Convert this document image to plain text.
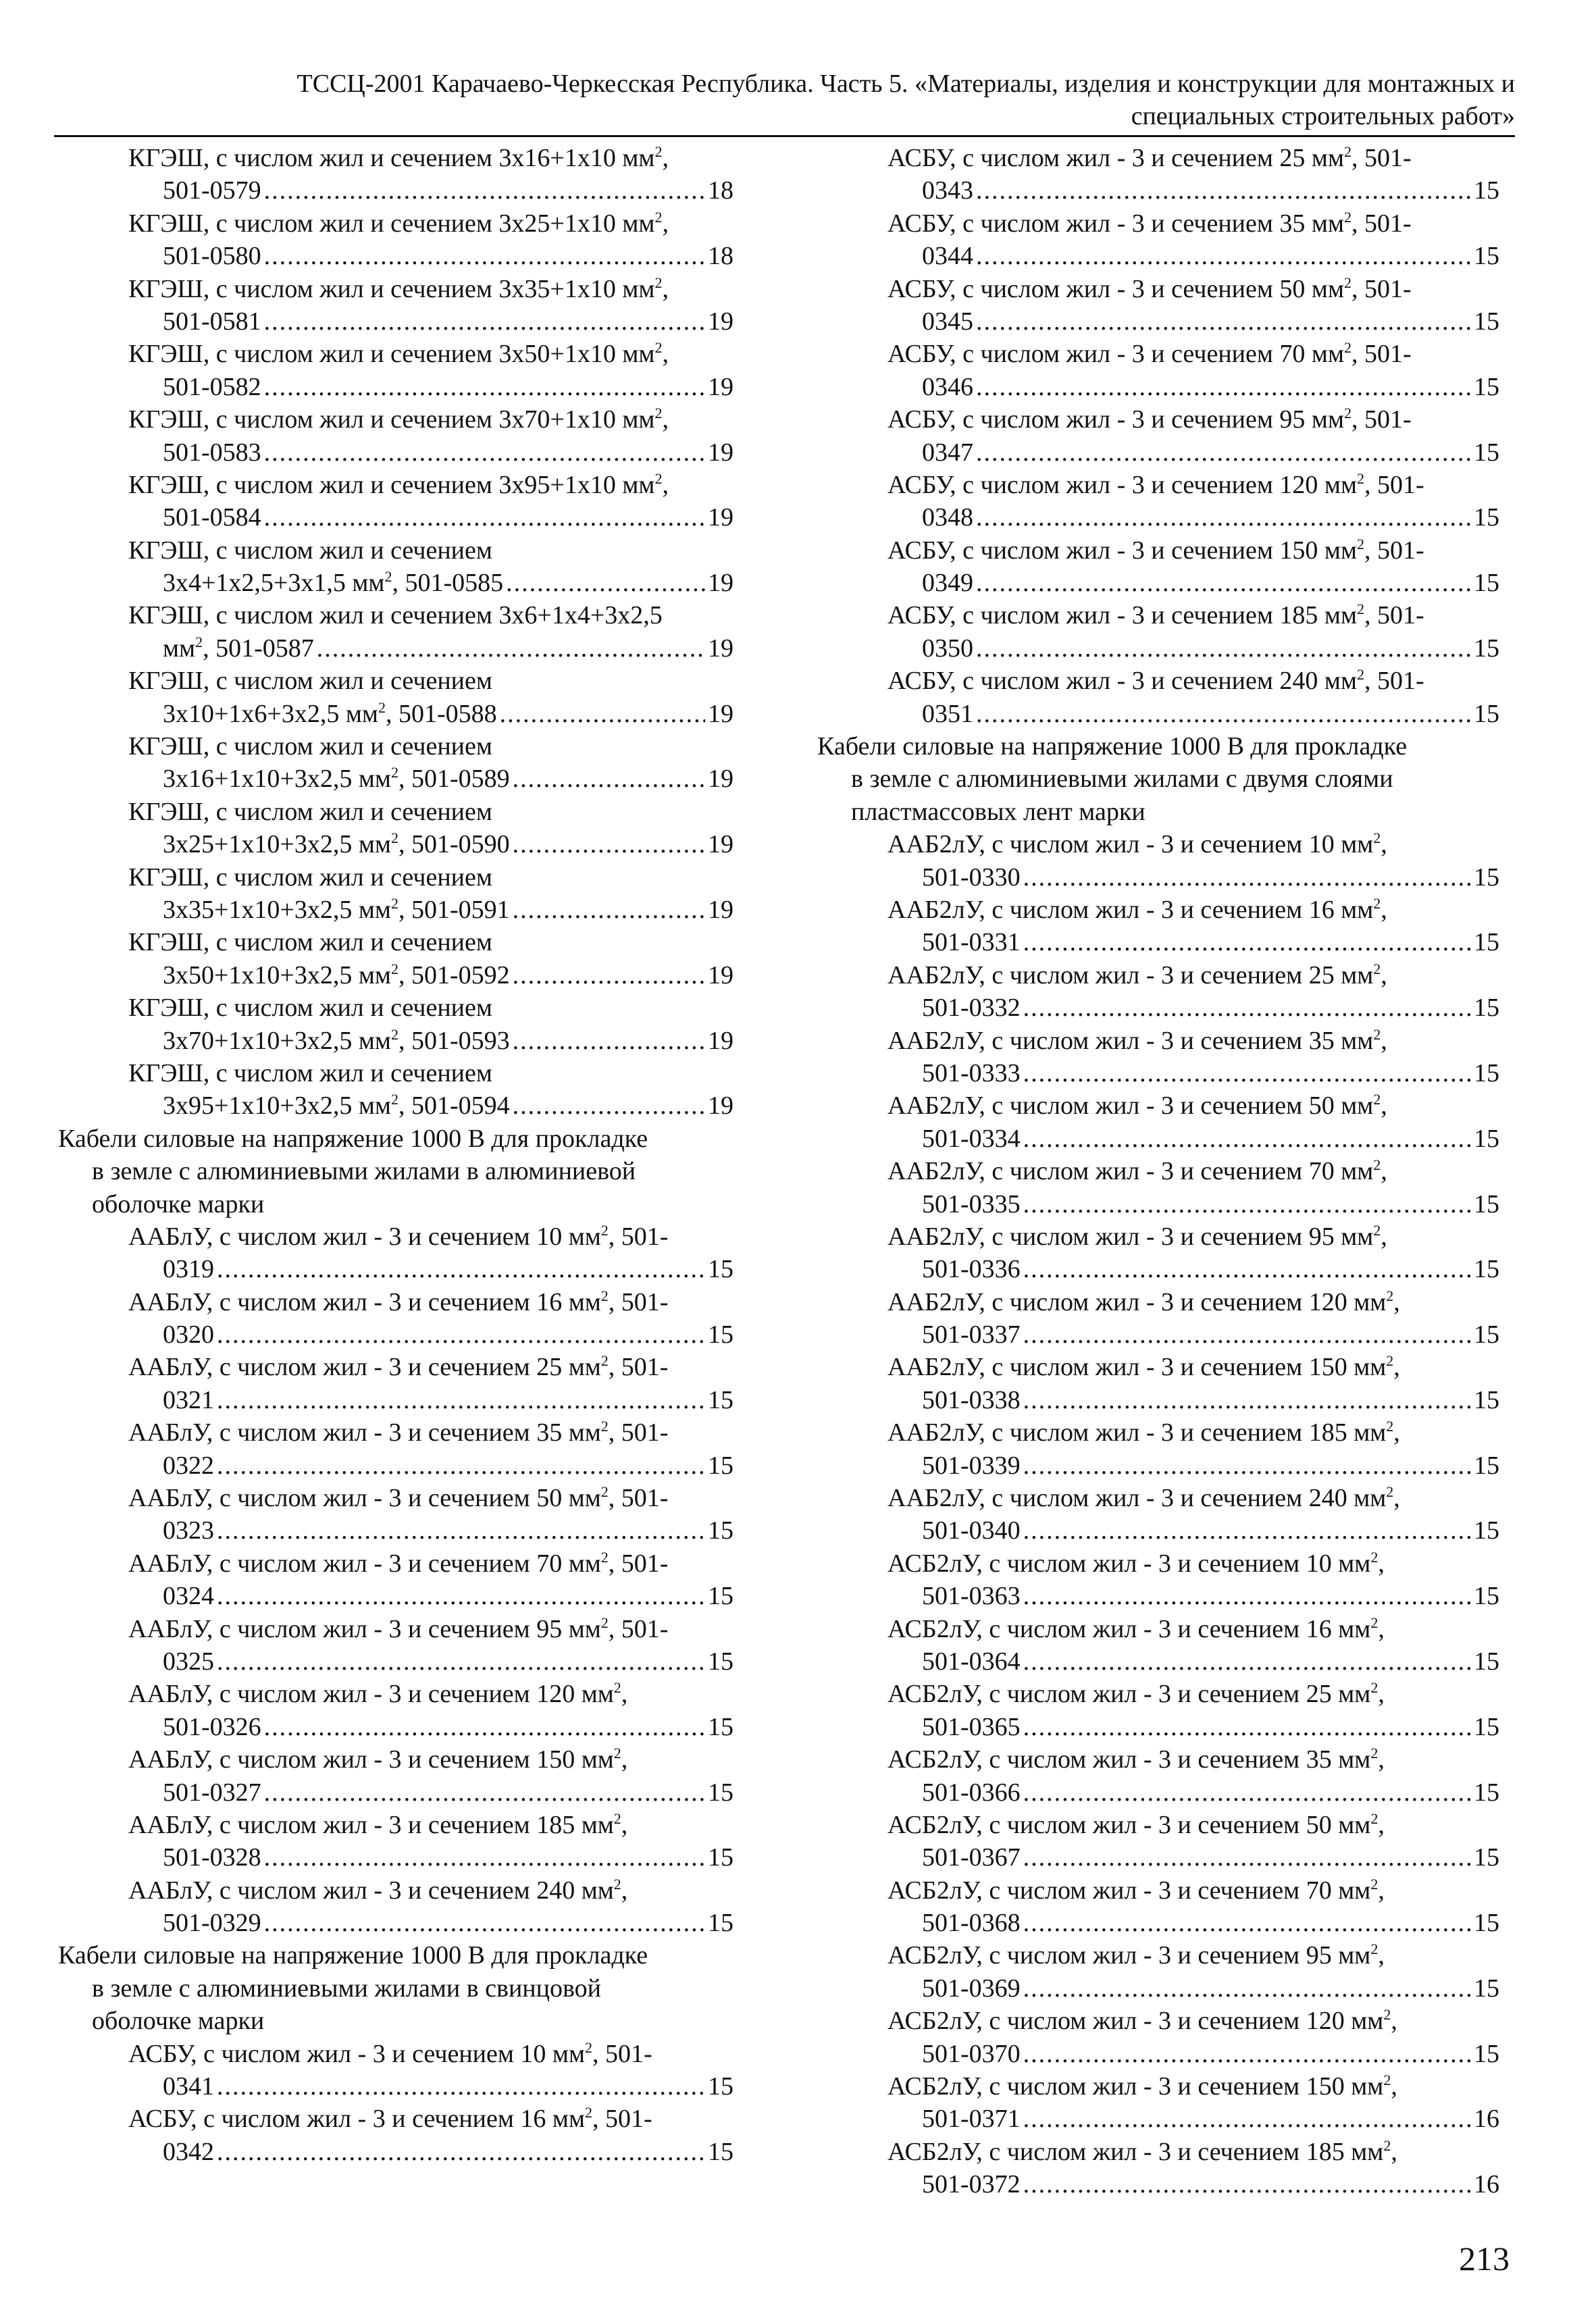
ТССЦ-2001 Карачаево-Черкесская Республика. Часть 5. «Материалы, изделия и конструкции для монтажных и
специальных строительных работ»
КГЭШ, с числом жил и сечением 3х16+1х10 $мм^2$,
501-0579 .....	18
КГЭШ, с числом жил и сечением 3х25+1х10 $мм^2$,
501-0580 .....	18
КГЭШ, с числом жил и сечением 3х35+1х10 $мм^2$,
501-0581 .....	19
КГЭШ, с числом жил и сечением 3х50+1х10 $мм^2$,
501-0582 .....	19
КГЭШ, с числом жил и сечением 3х70+1х10 $мм^2$,
501-0583 .....	19
КГЭШ, с числом жил и сечением 3х95+1х10 $мм^2$,
501-0584 .....	19
КГЭШ, с числом жил и сечением
3х4+1х2,5+3х1,5 $мм^2$, 501-0585 .....	19
КГЭШ, с числом жил и сечением 3х6+1х4+3х2,5
$мм^2$, 501-0587 .....	19
КГЭШ, с числом жил и сечением
3х10+1х6+3х2,5 $мм^2$, 501-0588 .....	19
КГЭШ, с числом жил и сечением
3х16+1х10+3х2,5 $мм^2$, 501-0589 .....	19
КГЭШ, с числом жил и сечением
3х25+1х10+3х2,5 $мм^2$, 501-0590 .....	19
КГЭШ, с числом жил и сечением
3х35+1х10+3х2,5 $мм^2$, 501-0591 .....	19
КГЭШ, с числом жил и сечением
3х50+1х10+3х2,5 $мм^2$, 501-0592 .....	19
КГЭШ, с числом жил и сечением
3х70+1х10+3х2,5 $мм^2$, 501-0593 .....	19
КГЭШ, с числом жил и сечением
3х95+1х10+3х2,5 $мм^2$, 501-0594 .....	19
Кабели силовые на напряжение 1000 В для прокладке
в земле с алюминиевыми жилами в алюминиевой
оболочке марки
ААБлУ, с числом жил - 3 и сечением 10 $мм^2$, 501-
0319 .....	15
ААБлУ, с числом жил - 3 и сечением 16 $мм^2$, 501-
0320 .....	15
ААБлУ, с числом жил - 3 и сечением 25 $мм^2$, 501-
0321 .....	15
ААБлУ, с числом жил - 3 и сечением 35 $мм^2$, 501-
0322 .....	15
ААБлУ, с числом жил - 3 и сечением 50 $мм^2$, 501-
0323 .....	15
ААБлУ, с числом жил - 3 и сечением 70 $мм^2$, 501-
0324 .....	15
ААБлУ, с числом жил - 3 и сечением 95 $мм^2$, 501-
0325 .....	15
ААБлУ, с числом жил - 3 и сечением 120 $мм^2$,
501-0326 .....	15
ААБлУ, с числом жил - 3 и сечением 150 $мм^2$,
501-0327 .....	15
ААБлУ, с числом жил - 3 и сечением 185 $мм^2$,
501-0328 .....	15
ААБлУ, с числом жил - 3 и сечением 240 $мм^2$,
501-0329 .....	15
Кабели силовые на напряжение 1000 В для прокладке
в земле с алюминиевыми жилами в свинцовой
оболочке марки
АСБУ, с числом жил - 3 и сечением 10 $мм^2$, 501-
0341 .....	15
АСБУ, с числом жил - 3 и сечением 16 $мм^2$, 501-
0342 .....	15
АСБУ, с числом жил - 3 и сечением 25 $мм^2$, 501-
0343 .....	15
АСБУ, с числом жил - 3 и сечением 35 $мм^2$, 501-
0344 .....	15
АСБУ, с числом жил - 3 и сечением 50 $мм^2$, 501-
0345 .....	15
АСБУ, с числом жил - 3 и сечением 70 $мм^2$, 501-
0346 .....	15
АСБУ, с числом жил - 3 и сечением 95 $мм^2$, 501-
0347 .....	15
АСБУ, с числом жил - 3 и сечением 120 $мм^2$, 501-
0348 .....	15
АСБУ, с числом жил - 3 и сечением 150 $мм^2$, 501-
0349 .....	15
АСБУ, с числом жил - 3 и сечением 185 $мм^2$, 501-
0350 .....	15
АСБУ, с числом жил - 3 и сечением 240 $мм^2$, 501-
0351 .....	15
Кабели силовые на напряжение 1000 В для прокладке
в земле с алюминиевыми жилами с двумя слоями
пластмассовых лент марки
ААБ2лУ, с числом жил - 3 и сечением 10 $мм^2$,
501-0330 .....	15
ААБ2лУ, с числом жил - 3 и сечением 16 $мм^2$,
501-0331 .....	15
ААБ2лУ, с числом жил - 3 и сечением 25 $мм^2$,
501-0332 .....	15
ААБ2лУ, с числом жил - 3 и сечением 35 $мм^2$,
501-0333 .....	15
ААБ2лУ, с числом жил - 3 и сечением 50 $мм^2$,
501-0334 .....	15
ААБ2лУ, с числом жил - 3 и сечением 70 $мм^2$,
501-0335 .....	15
ААБ2лУ, с числом жил - 3 и сечением 95 $мм^2$,
501-0336 .....	15
ААБ2лУ, с числом жил - 3 и сечением 120 $мм^2$,
501-0337 .....	15
ААБ2лУ, с числом жил - 3 и сечением 150 $мм^2$,
501-0338 .....	15
ААБ2лУ, с числом жил - 3 и сечением 185 $мм^2$,
501-0339 .....	15
ААБ2лУ, с числом жил - 3 и сечением 240 $мм^2$,
501-0340 .....	15
АСБ2лУ, с числом жил - 3 и сечением 10 $мм^2$,
501-0363 .....	15
АСБ2лУ, с числом жил - 3 и сечением 16 $мм^2$,
501-0364 .....	15
АСБ2лУ, с числом жил - 3 и сечением 25 $мм^2$,
501-0365 .....	15
АСБ2лУ, с числом жил - 3 и сечением 35 $мм^2$,
501-0366 .....	15
АСБ2лУ, с числом жил - 3 и сечением 50 $мм^2$,
501-0367 .....	15
АСБ2лУ, с числом жил - 3 и сечением 70 $мм^2$,
501-0368 .....	15
АСБ2лУ, с числом жил - 3 и сечением 95 $мм^2$,
501-0369 .....	15
АСБ2лУ, с числом жил - 3 и сечением 120 $мм^2$,
501-0370 .....	15
АСБ2лУ, с числом жил - 3 и сечением 150 $мм^2$,
501-0371 .....	16
АСБ2лУ, с числом жил - 3 и сечением 185 $мм^2$,
501-0372 .....	16
213
